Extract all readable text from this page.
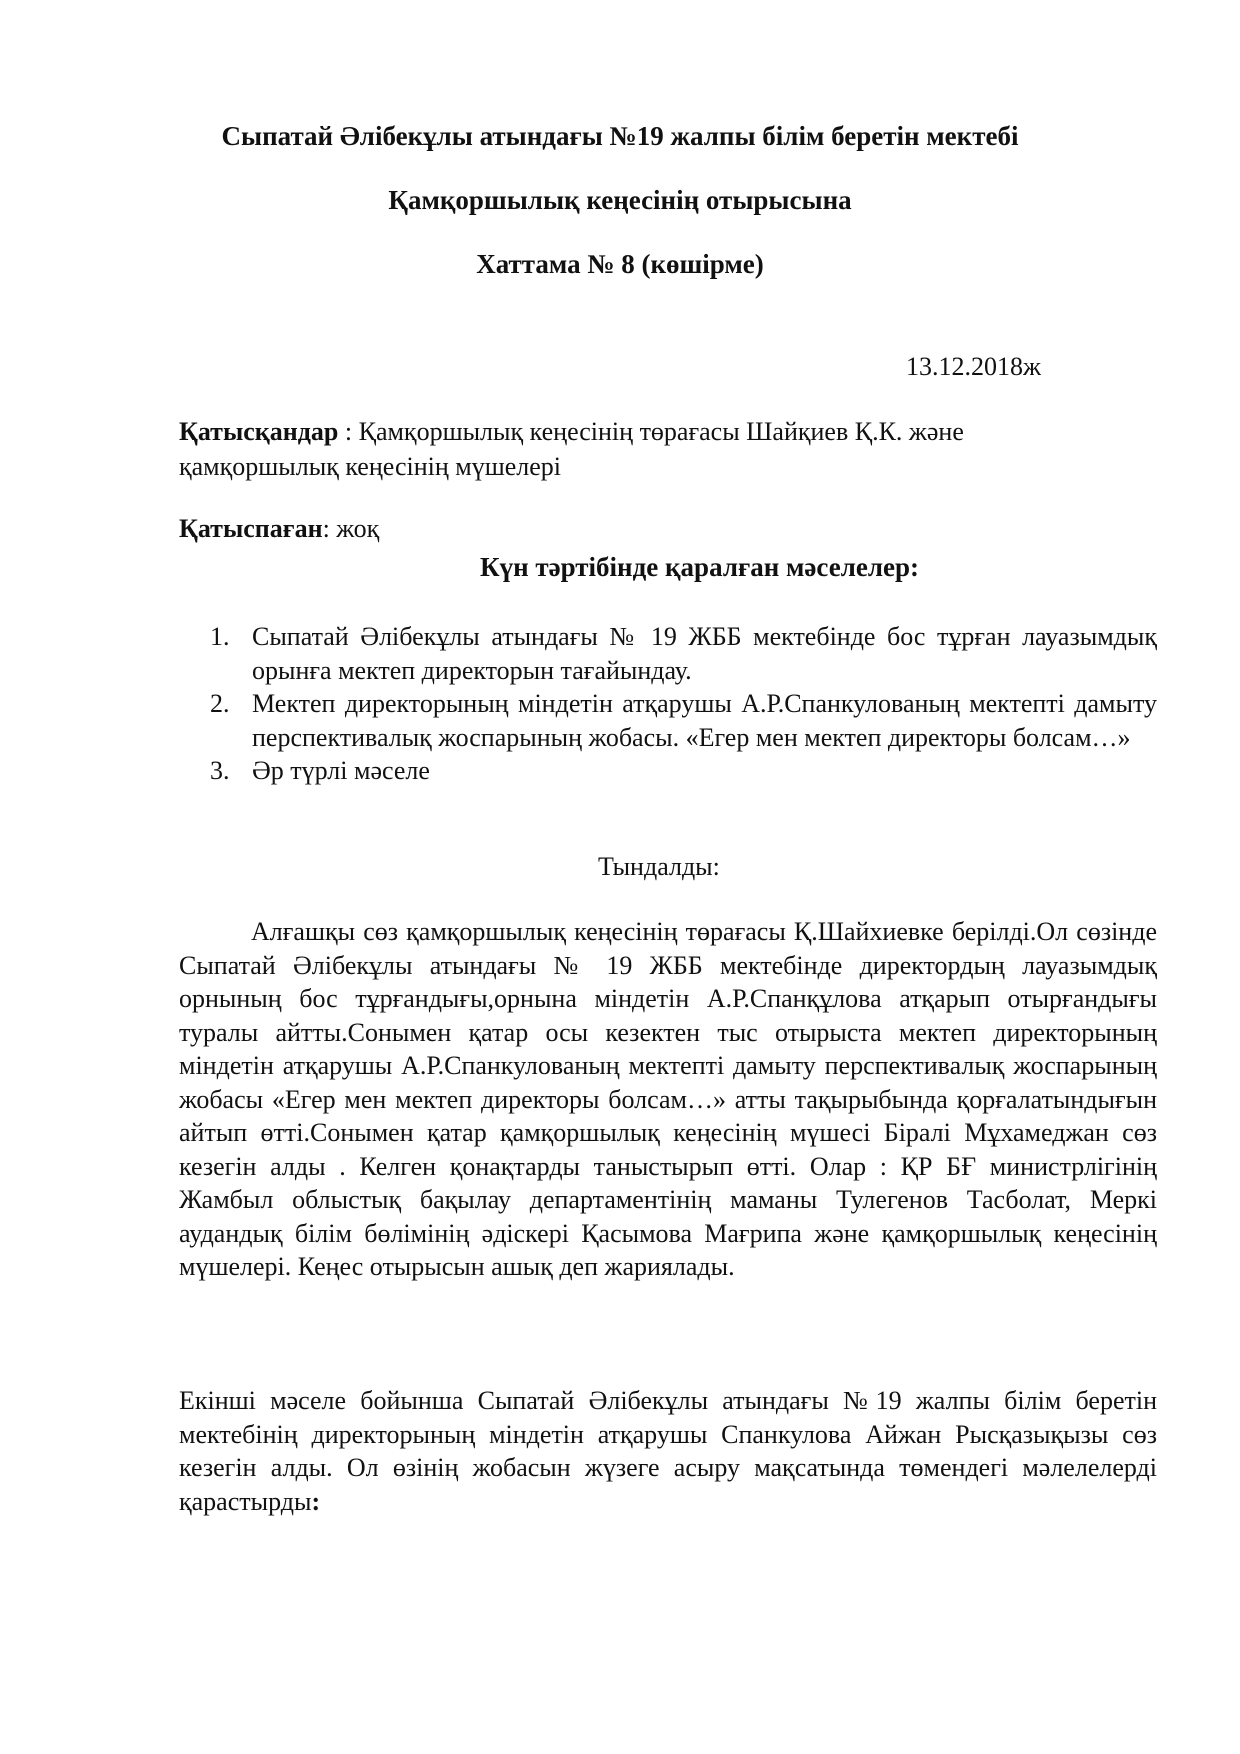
Сыпатай Әлібекұлы атындағы №19 жалпы білім беретін мектебі

Қамқоршылық кеңесінің отырысына

Хаттама № 8 (көшірме)

13.12.2018ж

Қатысқандар : Қамқоршылық кеңесінің төрағасы Шайқиев Қ.К. және

қамқоршылық кеңесінің мүшелері

Қатыспаған: жоқ

Күн тәртібінде қаралған мәселелер:

1. Сыпатай Әлібекұлы атындағы № 19 ЖББ мектебінде бос тұрған лауазымдық орынға мектеп директорын тағайындау.
2. Мектеп директорының міндетін атқарушы А.Р.Спанкулованың мектепті дамыту перспективалық жоспарының жобасы. «Егер мен мектеп директоры болсам…»
3. Әр түрлі мәселе

Тындалды:

Алғашқы сөз қамқоршылық кеңесінің төрағасы Қ.Шайхиевке берілді.Ол сөзінде Сыпатай Әлібекұлы атындағы № 19 ЖББ мектебінде директордың лауазымдық орнының бос тұрғандығы,орнына міндетін А.Р.Спанқұлова атқарып отырғандығы туралы айтты.Сонымен қатар осы кезектен тыс отырыста мектеп директорының міндетін атқарушы А.Р.Спанкулованың мектепті дамыту перспективалық жоспарының жобасы «Егер мен мектеп директоры болсам…» атты тақырыбында қорғалатындығын айтып өтті.Сонымен қатар қамқоршылық кеңесінің мүшесі Біралі Мұхамеджан сөз кезегін алды . Келген қонақтарды таныстырып өтті. Олар : ҚР БҒ министрлігінің Жамбыл облыстық бақылау департаментінің маманы Тулегенов Тасболат, Меркі аудандық білім бөлімінің әдіскері Қасымова Мағрипа және қамқоршылық кеңесінің мүшелері. Кеңес отырысын ашық деп жариялады.

Екінші мәселе бойынша Сыпатай Әлібекұлы атындағы №19 жалпы білім беретін мектебінің директорының міндетін атқарушы Спанкулова Айжан Рысқазықызы сөз кезегін алды. Ол өзінің жобасын жүзеге асыру мақсатында төмендегі мәлелелерді қарастырды:
